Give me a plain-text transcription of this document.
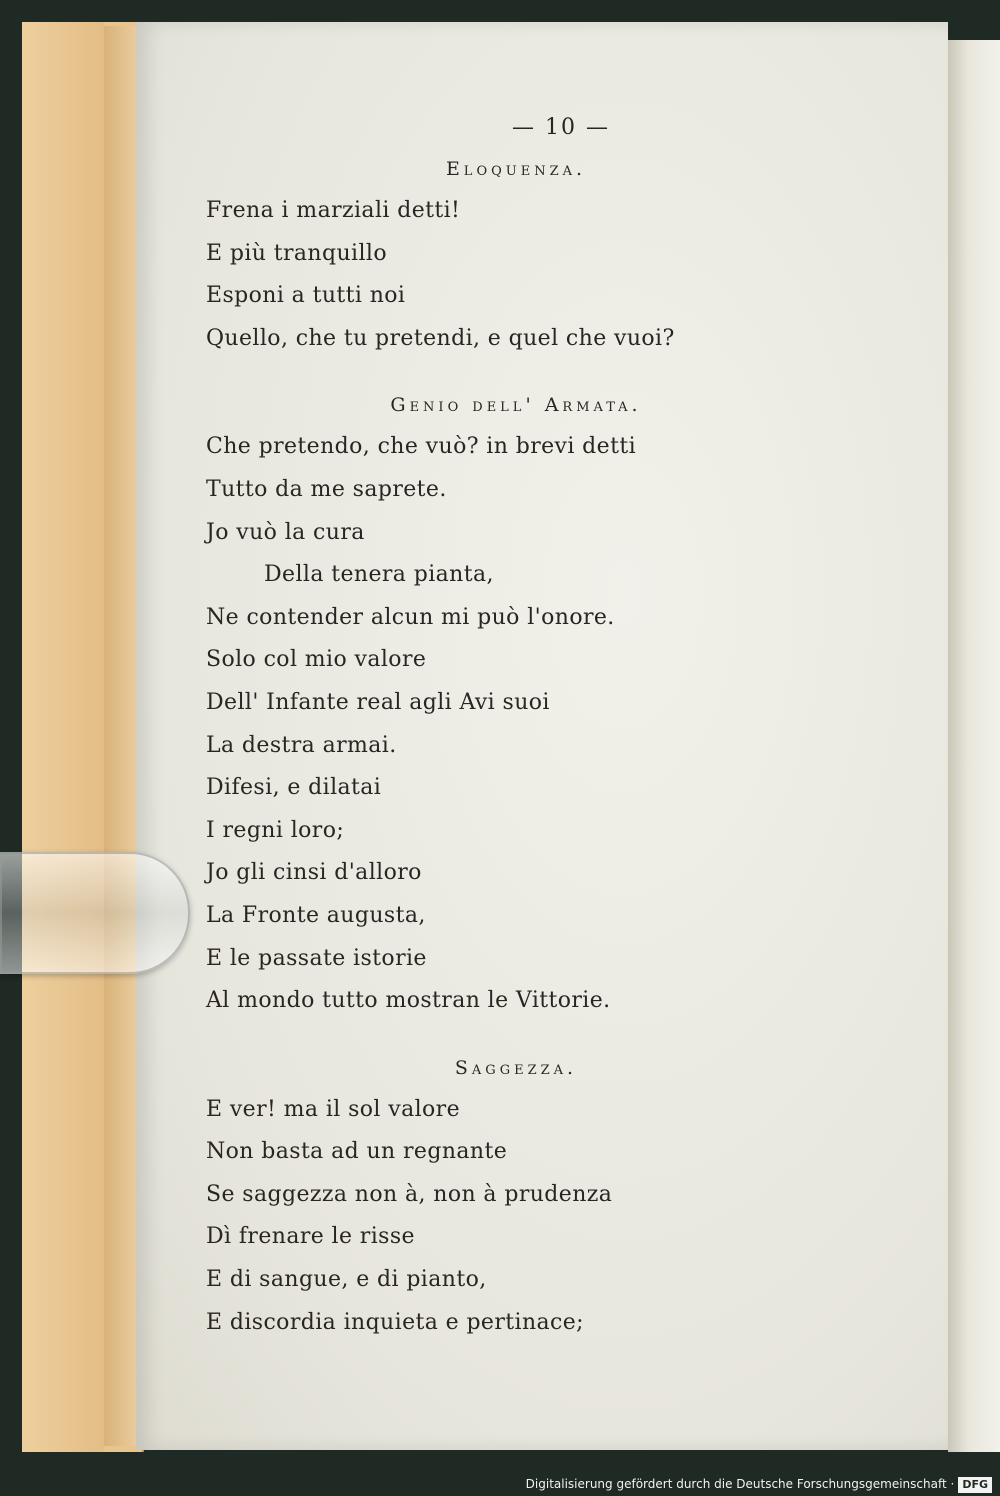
— 10 —
Eloquenza.
Frena i marziali detti!
E più tranquillo
Esponi a tutti noi
Quello, che tu pretendi, e quel che vuoi?
Genio dell' Armata.
Che pretendo, che vuò? in brevi detti
Tutto da me saprete.
Jo vuò la cura
Della tenera pianta,
Ne contender alcun mi può l'onore.
Solo col mio valore
Dell' Infante real agli Avi suoi
La destra armai.
Difesi, e dilatai
I regni loro;
Jo gli cinsi d'alloro
La Fronte augusta,
E le passate istorie
Al mondo tutto mostran le Vittorie.
Saggezza.
E ver! ma il sol valore
Non basta ad un regnante
Se saggezza non à, non à prudenza
Dì frenare le risse
E di sangue, e di pianto,
E discordia inquieta e pertinace;
Digitalisierung gefördert durch die Deutsche Forschungsgemeinschaft · DFG
